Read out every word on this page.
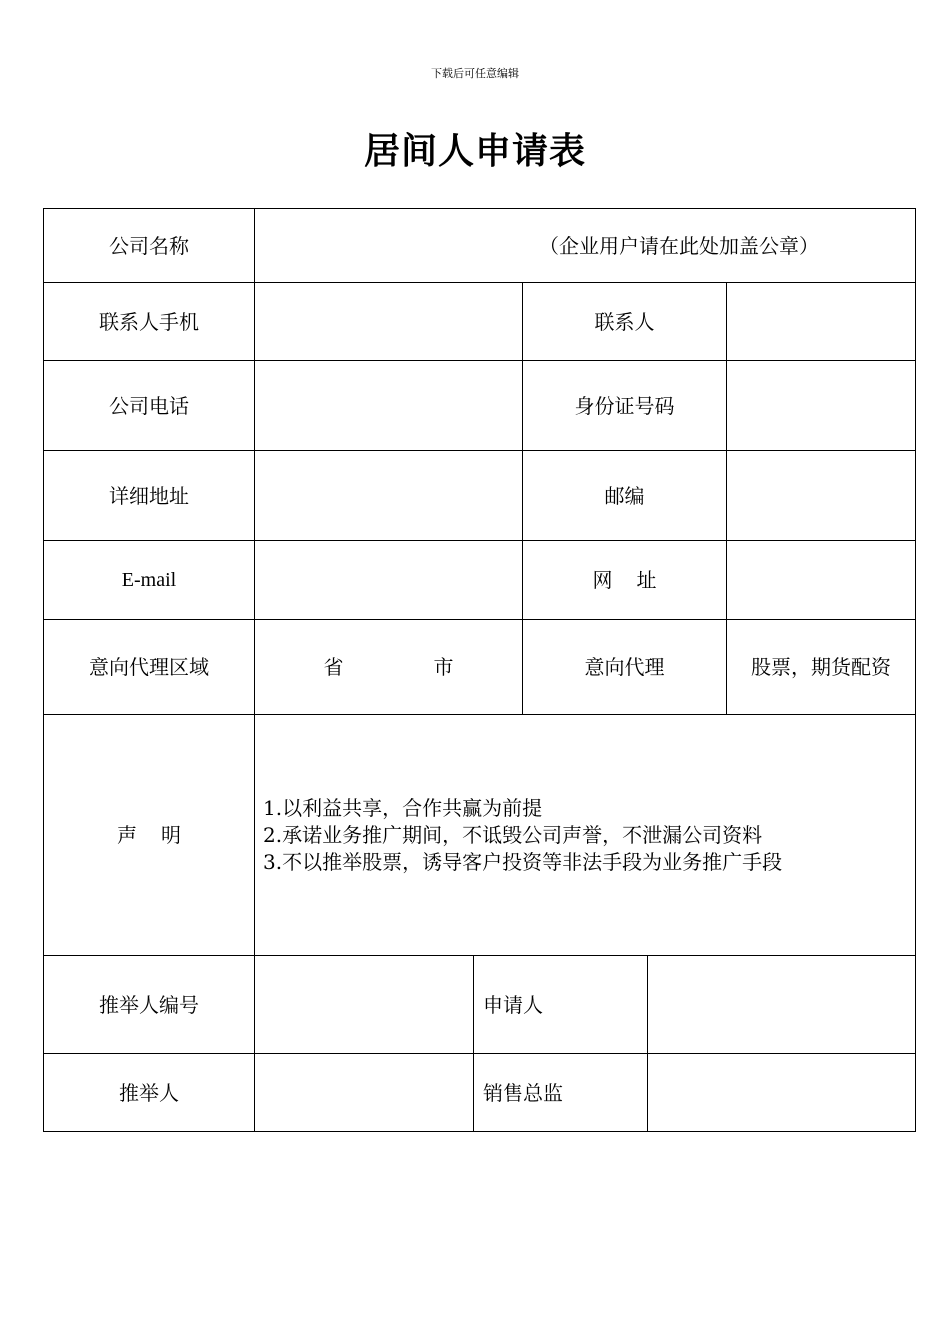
下载后可任意编辑
居间人申请表
公司名称	（企业用户请在此处加盖公章）				
联系人手机			联系人		
公司电话			身份证号码		
详细地址			邮编		
E-mail			网 址		
意向代理区域	省 市		意向代理		股票，期货配资
声 明	1.以利益共享，合作共赢为前提
2.承诺业务推广期间，不诋毁公司声誉，不泄漏公司资料
3.不以推举股票，诱导客户投资等非法手段为业务推广手段				

推举人编号		申请人			
推举人		销售总监			
